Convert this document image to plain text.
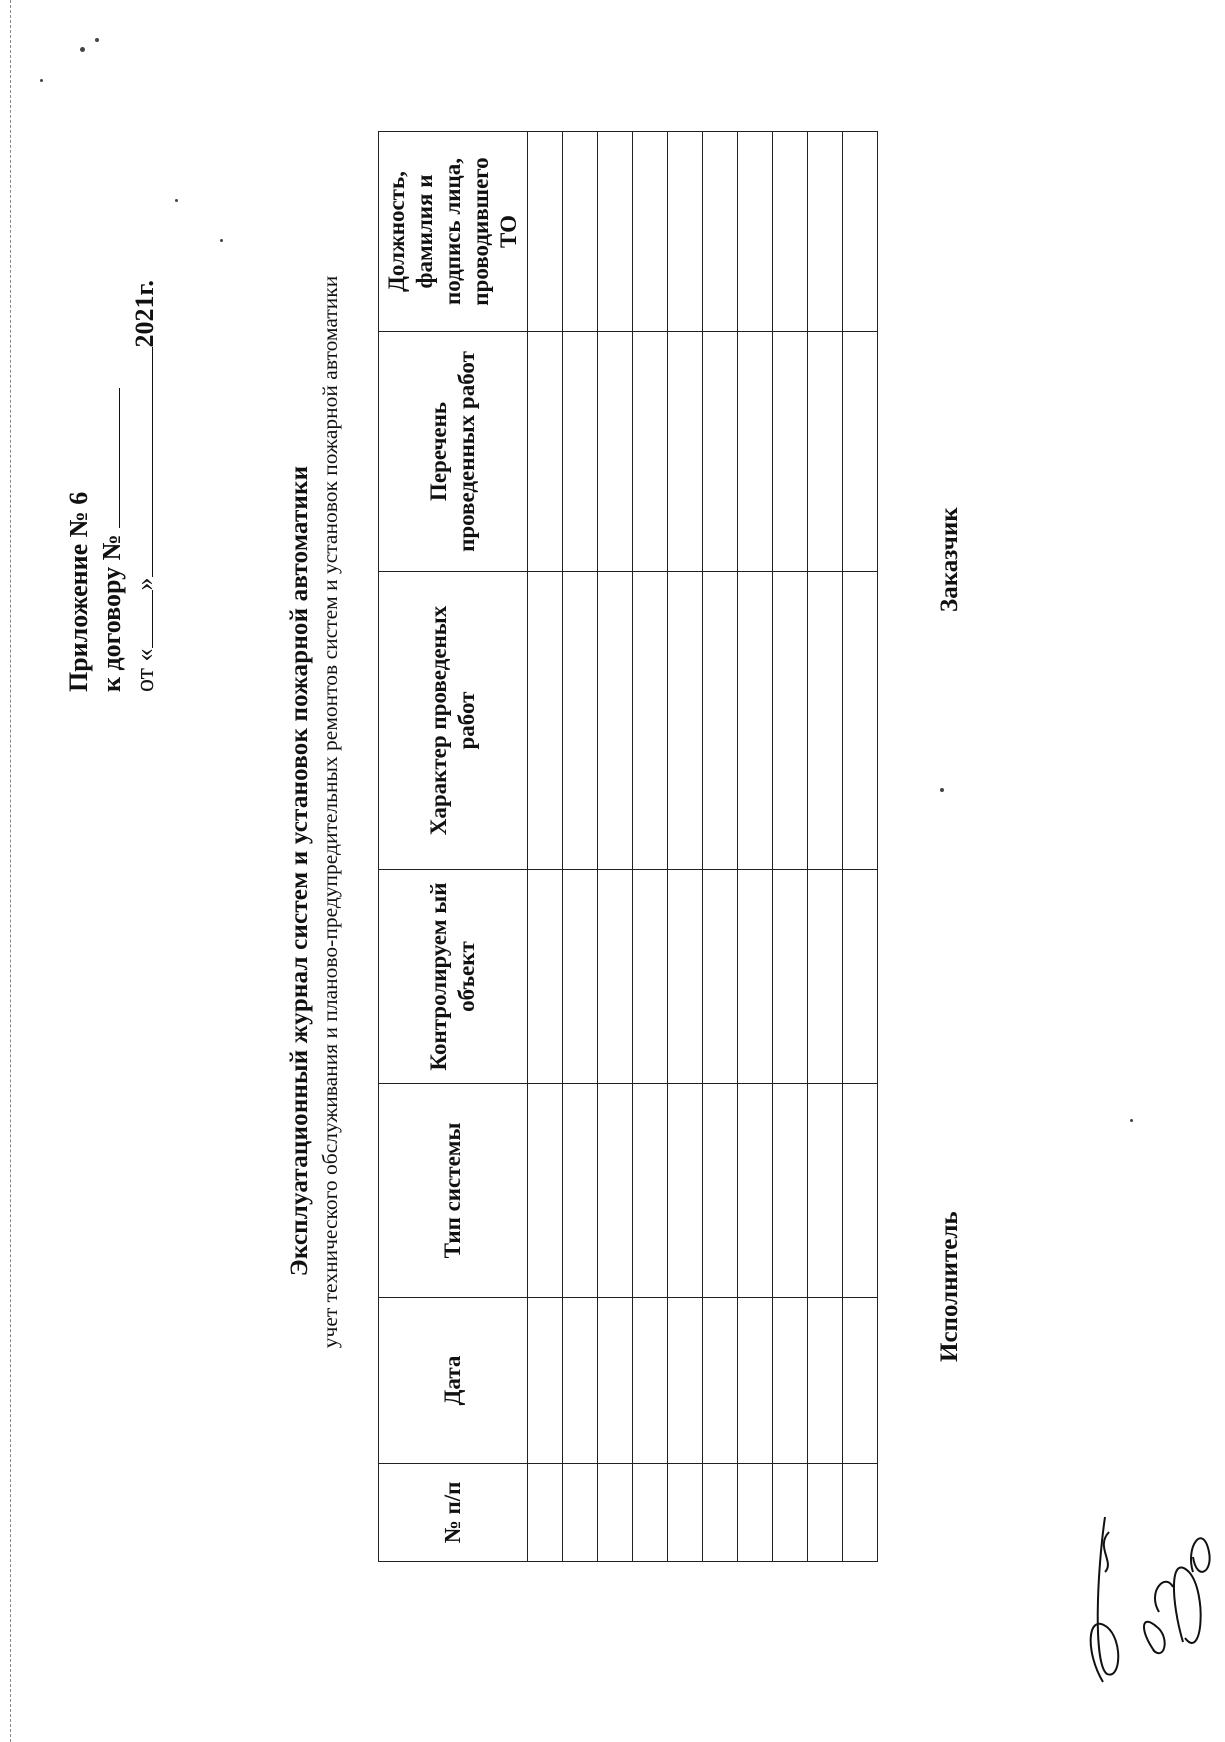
Приложение № 6 к договору № от «»2021г.
Эксплуатационный журнал систем и установок пожарной автоматики учет технического обслуживания и планово-предупредительных ремонтов систем и установок пожарной автоматики
№ п/п	Дата	Тип системы	Контролируем ый объект	Характер проведеных работ	Перечень проведенных работ	Должность, фамилия и подпись лица, проводившего ТО

Исполнитель
Заказчик
